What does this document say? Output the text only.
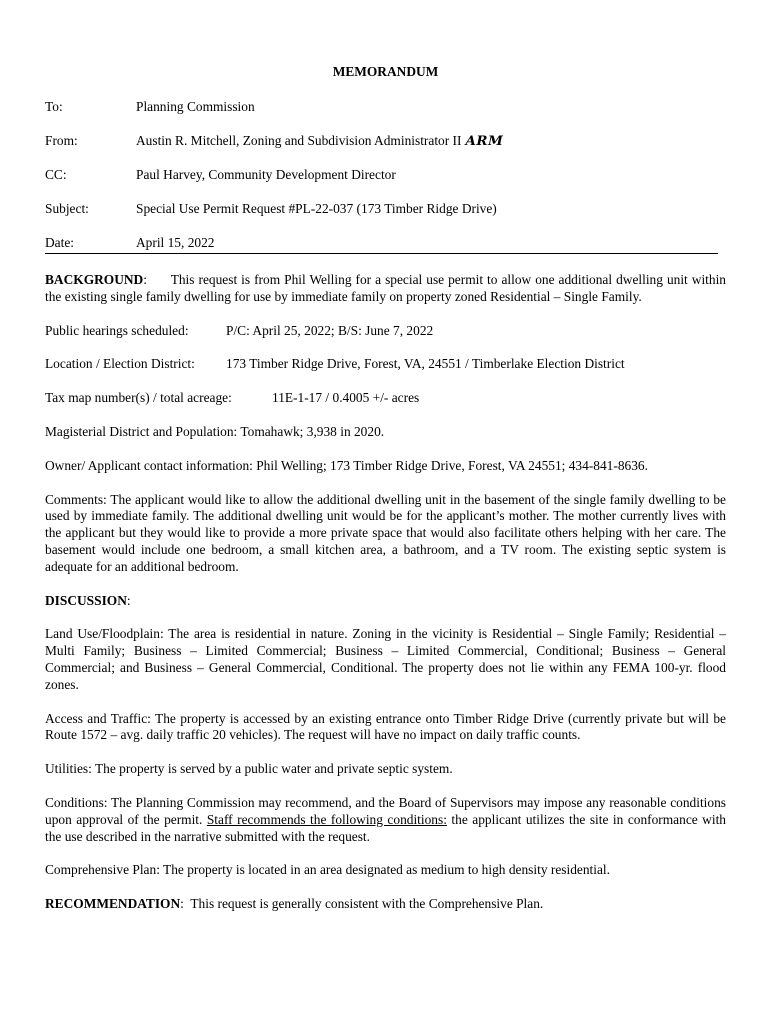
MEMORANDUM
To:	Planning Commission
From:	Austin R. Mitchell, Zoning and Subdivision Administrator II ARM
CC:	Paul Harvey, Community Development Director
Subject:	Special Use Permit Request #PL-22-037 (173 Timber Ridge Drive)
Date:	April 15, 2022

BACKGROUND:      This request is from Phil Welling for a special use permit to allow one additional dwelling unit within the existing single family dwelling for use by immediate family on property zoned Residential – Single Family.

Public hearings scheduled:	P/C: April 25, 2022; B/S: June 7, 2022
Location / Election District:	173 Timber Ridge Drive, Forest, VA, 24551 / Timberlake Election District
Tax map number(s) / total acreage:	11E-1-17 / 0.4005 +/- acres

Magisterial District and Population: Tomahawk; 3,938 in 2020.

Owner/ Applicant contact information: Phil Welling; 173 Timber Ridge Drive, Forest, VA 24551; 434-841-8636.

Comments: The applicant would like to allow the additional dwelling unit in the basement of the single family dwelling to be used by immediate family. The additional dwelling unit would be for the applicant’s mother. The mother currently lives with the applicant but they would like to provide a more private space that would also facilitate others helping with her care. The basement would include one bedroom, a small kitchen area, a bathroom, and a TV room. The existing septic system is adequate for an additional bedroom.

DISCUSSION:

Land Use/Floodplain: The area is residential in nature. Zoning in the vicinity is Residential – Single Family; Residential – Multi Family; Business – Limited Commercial; Business – Limited Commercial, Conditional; Business – General Commercial; and Business – General Commercial, Conditional. The property does not lie within any FEMA 100-yr. flood zones.

Access and Traffic: The property is accessed by an existing entrance onto Timber Ridge Drive (currently private but will be Route 1572 – avg. daily traffic 20 vehicles). The request will have no impact on daily traffic counts.

Utilities: The property is served by a public water and private septic system.

Conditions: The Planning Commission may recommend, and the Board of Supervisors may impose any reasonable conditions upon approval of the permit. Staff recommends the following conditions: the applicant utilizes the site in conformance with the use described in the narrative submitted with the request.

Comprehensive Plan: The property is located in an area designated as medium to high density residential.

RECOMMENDATION:  This request is generally consistent with the Comprehensive Plan.
